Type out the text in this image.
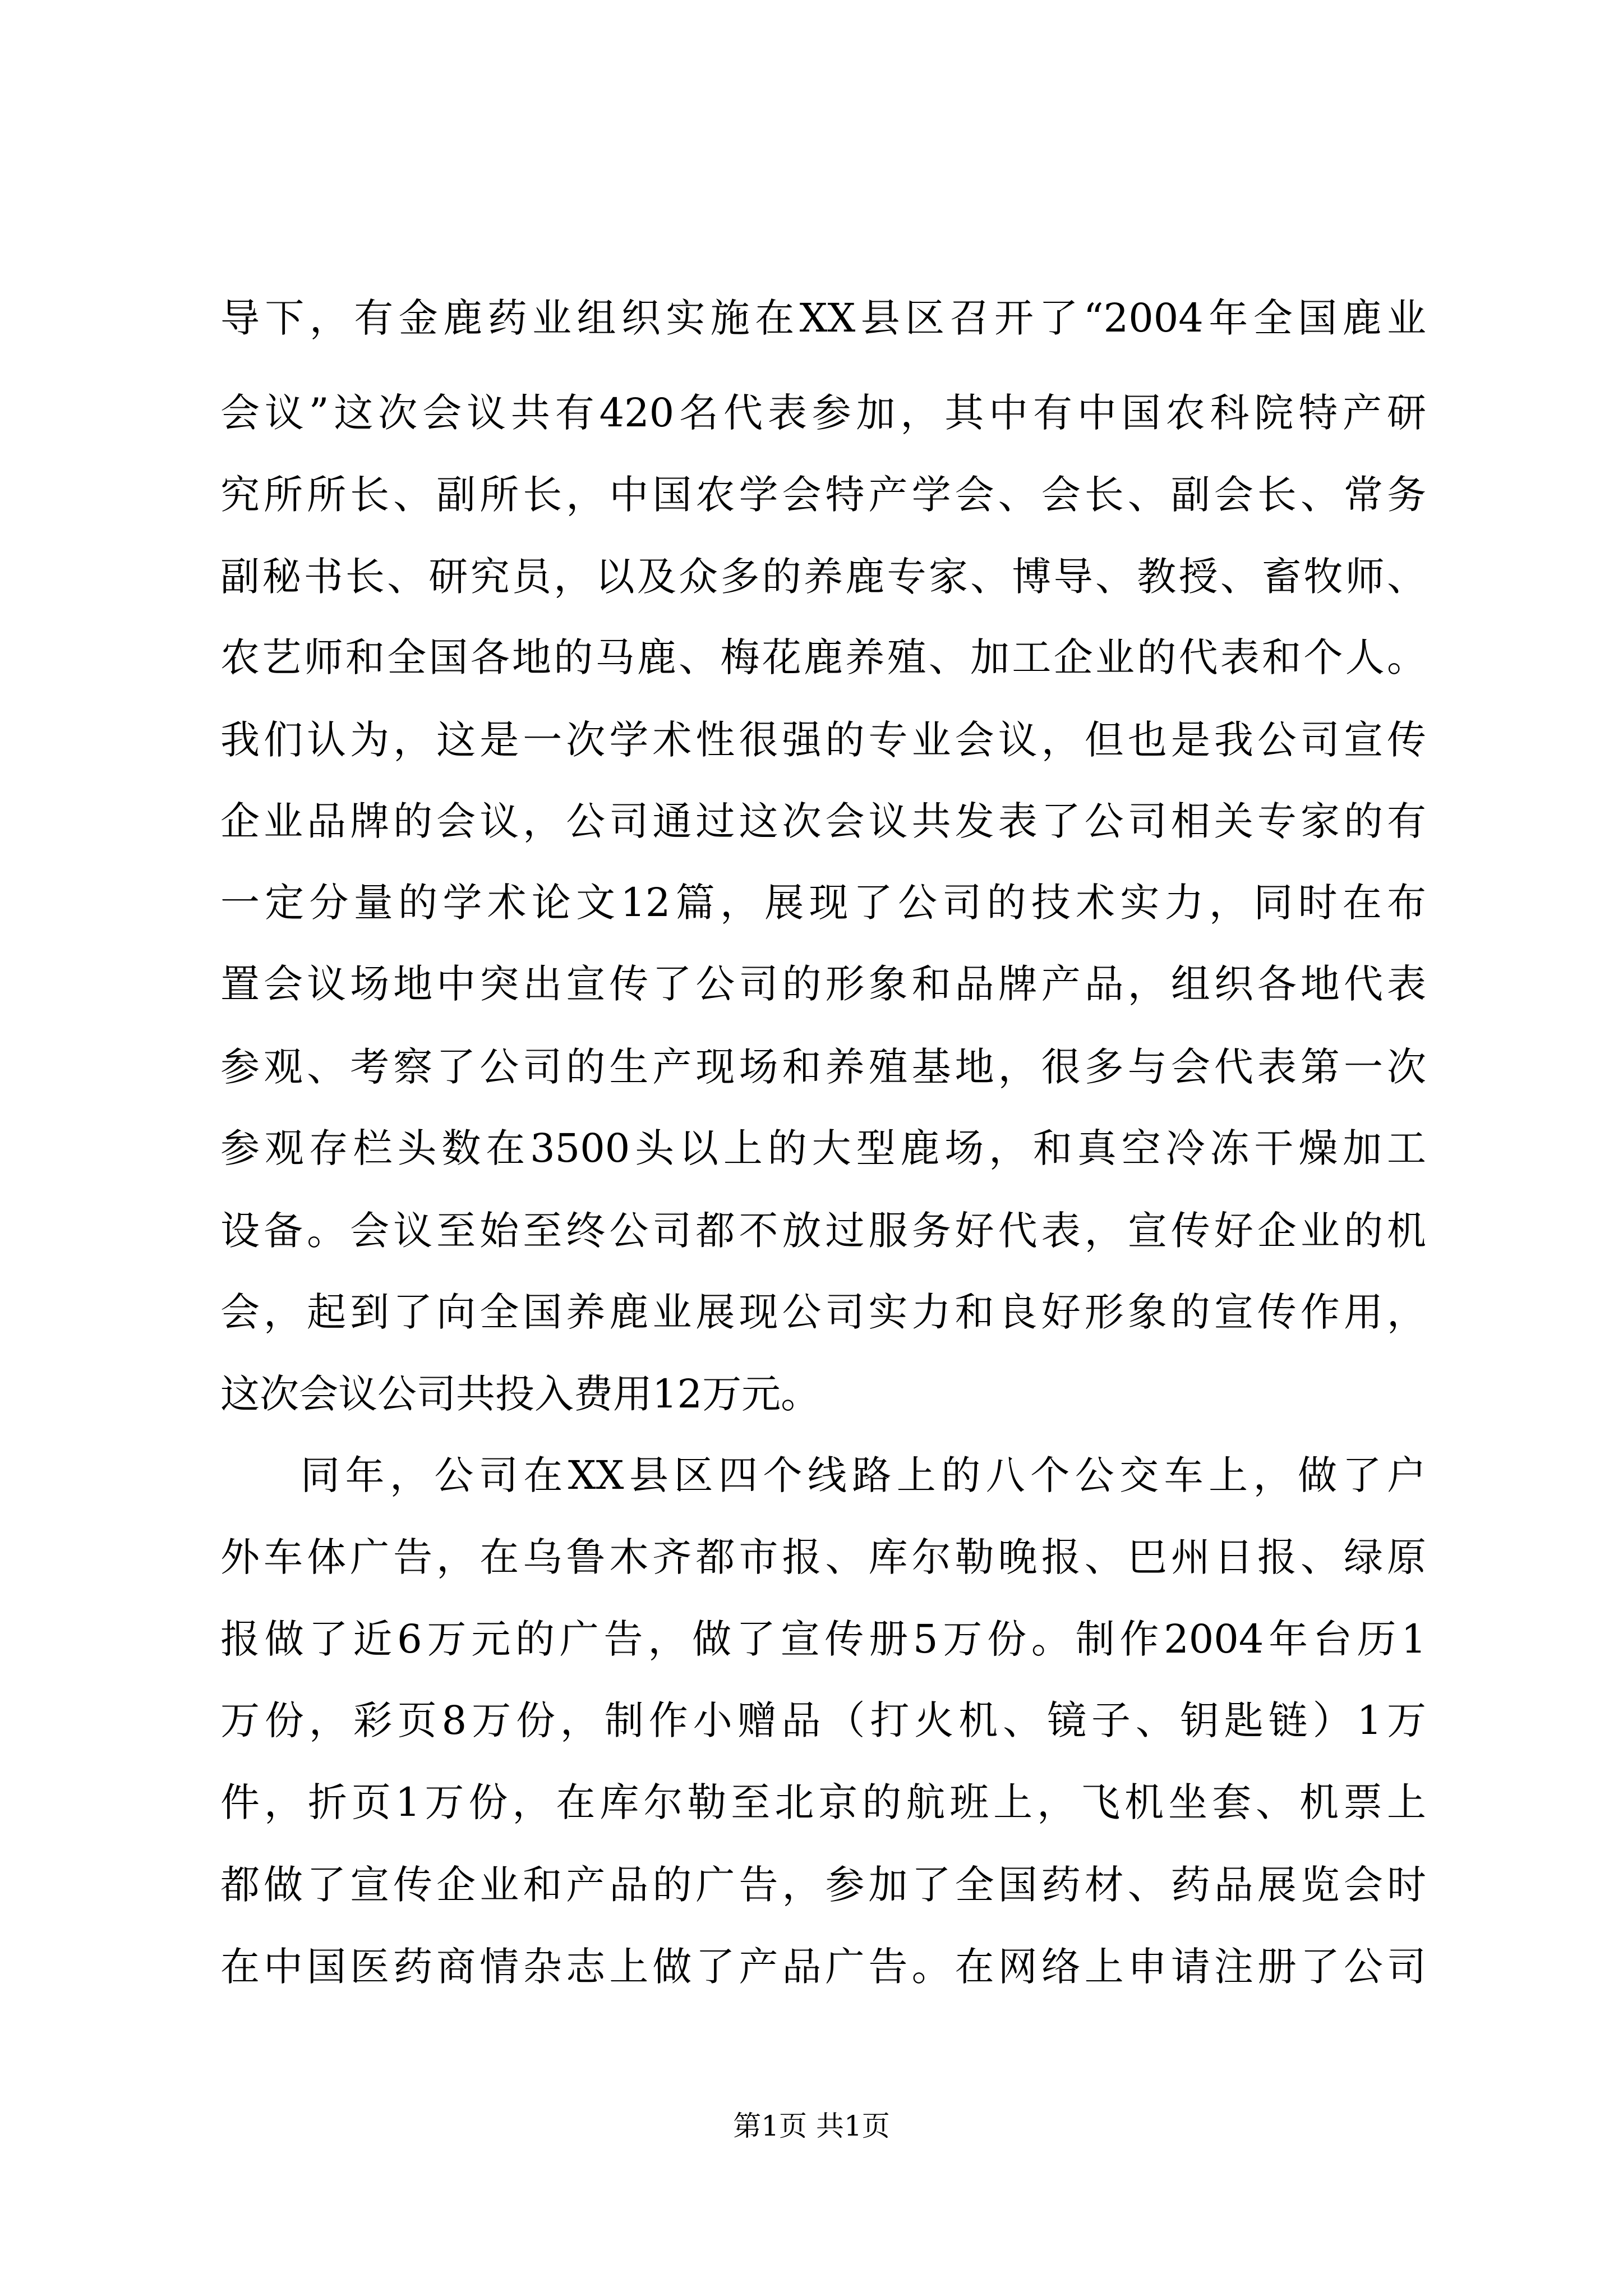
导下，有金鹿药业组织实施在XX县区召开了“2004年全国鹿业
会议”这次会议共有420名代表参加，其中有中国农科院特产研
究所所长、副所长，中国农学会特产学会、会长、副会长、常务
副秘书长、研究员，以及众多的养鹿专家、博导、教授、畜牧师、
农艺师和全国各地的马鹿、梅花鹿养殖、加工企业的代表和个人。
我们认为，这是一次学术性很强的专业会议，但也是我公司宣传
企业品牌的会议，公司通过这次会议共发表了公司相关专家的有
一定分量的学术论文12篇，展现了公司的技术实力，同时在布
置会议场地中突出宣传了公司的形象和品牌产品，组织各地代表
参观、考察了公司的生产现场和养殖基地，很多与会代表第一次
参观存栏头数在3500头以上的大型鹿场，和真空冷冻干燥加工
设备。会议至始至终公司都不放过服务好代表，宣传好企业的机
会，起到了向全国养鹿业展现公司实力和良好形象的宣传作用，
这次会议公司共投入费用12万元。
同年，公司在XX县区四个线路上的八个公交车上，做了户
外车体广告，在乌鲁木齐都市报、库尔勒晚报、巴州日报、绿原
报做了近6万元的广告，做了宣传册5万份。制作2004年台历1
万份，彩页8万份，制作小赠品（打火机、镜子、钥匙链）1万
件，折页1万份，在库尔勒至北京的航班上，飞机坐套、机票上
都做了宣传企业和产品的广告，参加了全国药材、药品展览会时
在中国医药商情杂志上做了产品广告。在网络上申请注册了公司
第1页 共1页
